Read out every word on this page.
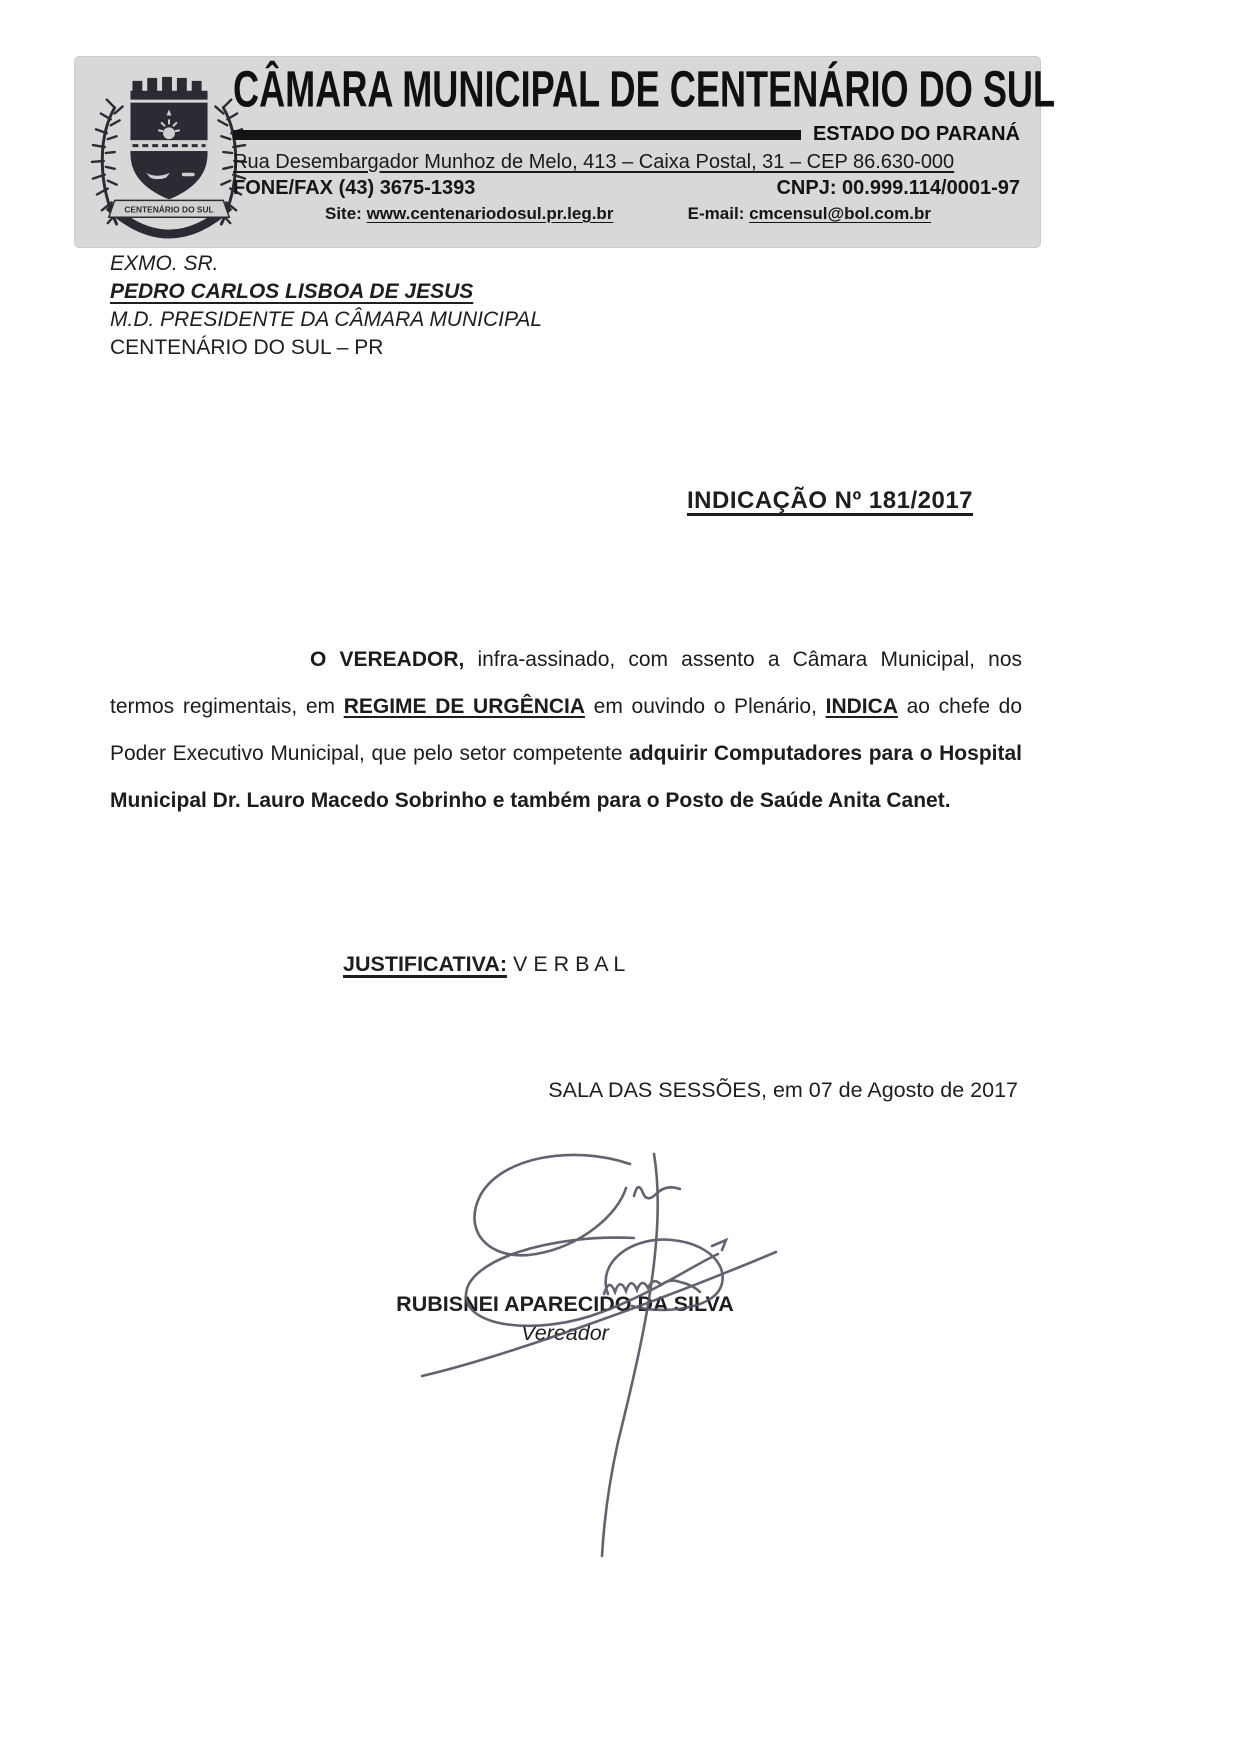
CENTENÁRIO DO SUL
CÂMARA MUNICIPAL DE CENTENÁRIO DO SUL
ESTADO DO PARANÁ
Rua Desembargador Munhoz de Melo, 413 – Caixa Postal, 31 – CEP 86.630-000
FONE/FAX (43) 3675-1393	CNPJ: 00.999.114/0001-97
Site: www.centenariodosul.pr.leg.br	E-mail: cmcensul@bol.com.br
EXMO. SR.
PEDRO CARLOS LISBOA DE JESUS
M.D. PRESIDENTE DA CÂMARA MUNICIPAL
CENTENÁRIO DO SUL – PR
INDICAÇÃO Nº 181/2017
O VEREADOR, infra-assinado, com assento a Câmara Municipal, nos termos regimentais, em REGIME DE URGÊNCIA em ouvindo o Plenário, INDICA ao chefe do Poder Executivo Municipal, que pelo setor competente adquirir Computadores para o Hospital Municipal Dr. Lauro Macedo Sobrinho e também para o Posto de Saúde Anita Canet.
JUSTIFICATIVA: V E R B A L
SALA DAS SESSÕES, em 07 de Agosto de 2017
RUBISNEI APARECIDO DA SILVA
Vereador
